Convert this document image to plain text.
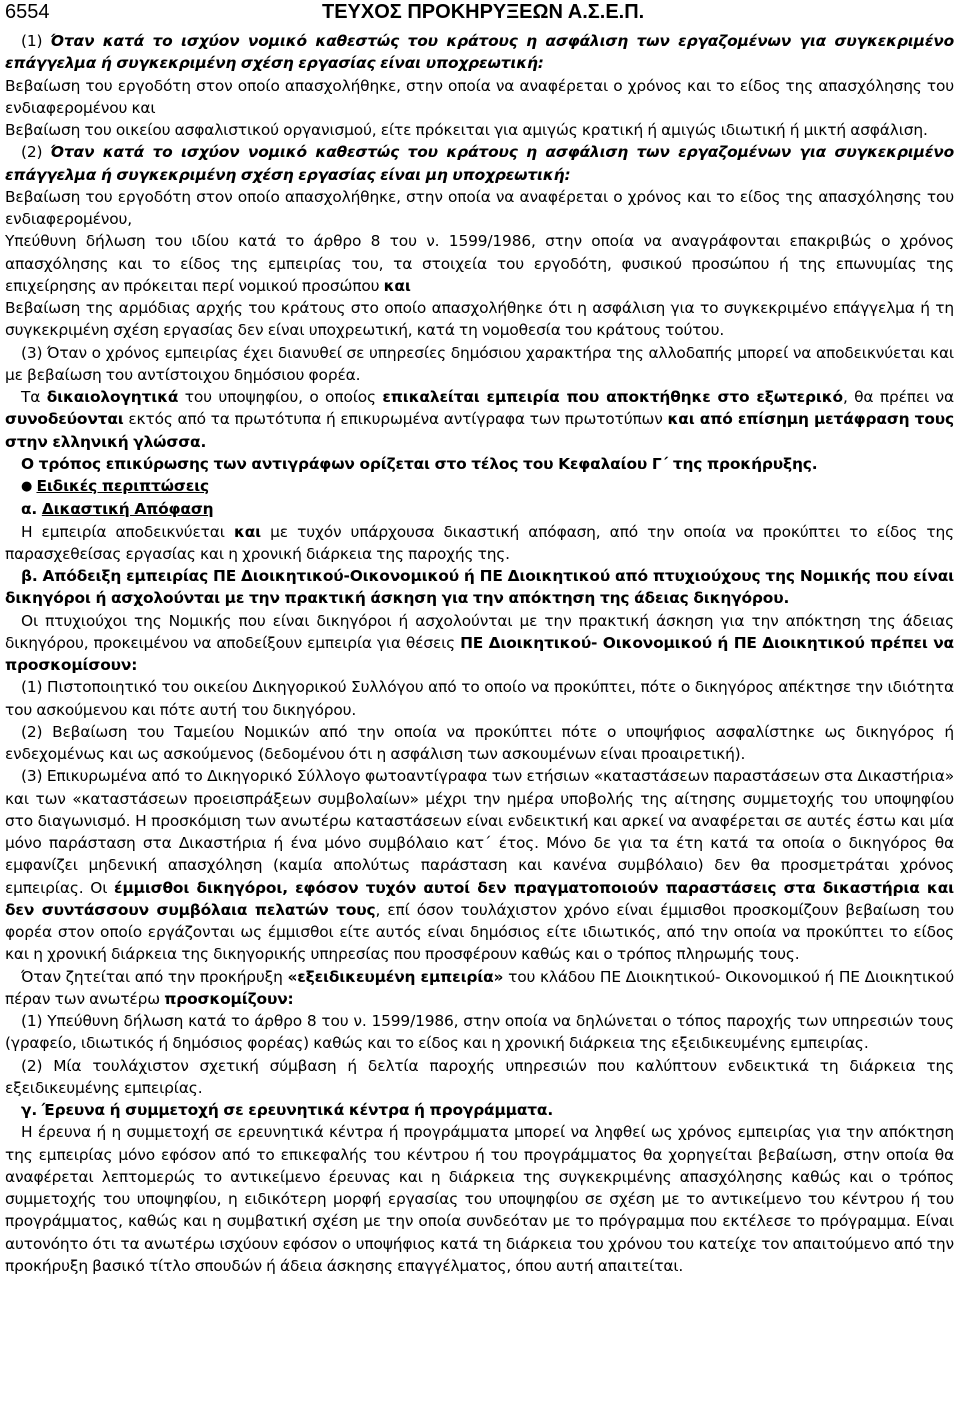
6554	ΤΕΥΧΟΣ ΠΡΟΚΗΡΥΞΕΩΝ Α.Σ.Ε.Π.

(1) Όταν κατά το ισχύον νομικό καθεστώς του κράτους η ασφάλιση των εργαζομένων για συγκεκριμένο επάγγελμα ή συγκεκριμένη σχέση εργασίας είναι υποχρεωτική:

Βεβαίωση του εργοδότη στον οποίο απασχολήθηκε, στην οποία να αναφέρεται ο χρόνος και το είδος της απασχόλησης του ενδιαφερομένου και

Βεβαίωση του οικείου ασφαλιστικού οργανισμού, είτε πρόκειται για αμιγώς κρατική ή αμιγώς ιδιωτική ή μικτή ασφάλιση.

(2) Όταν κατά το ισχύον νομικό καθεστώς του κράτους η ασφάλιση των εργαζομένων για συγκεκριμένο επάγγελμα ή συγκεκριμένη σχέση εργασίας είναι μη υποχρεωτική:

Βεβαίωση του εργοδότη στον οποίο απασχολήθηκε, στην οποία να αναφέρεται ο χρόνος και το είδος της απασχόλησης του ενδιαφερομένου,

Υπεύθυνη δήλωση του ιδίου κατά το άρθρο 8 του ν. 1599/1986, στην οποία να αναγράφονται επακριβώς ο χρόνος απασχόλησης και το είδος της εμπειρίας του, τα στοιχεία του εργοδότη, φυσικού προσώπου ή της επωνυμίας της επιχείρησης αν πρόκειται περί νομικού προσώπου και

Βεβαίωση της αρμόδιας αρχής του κράτους στο οποίο απασχολήθηκε ότι η ασφάλιση για το συγκεκριμένο επάγγελμα ή τη συγκεκριμένη σχέση εργασίας δεν είναι υποχρεωτική, κατά τη νομοθεσία του κράτους τούτου.

(3) Όταν ο χρόνος εμπειρίας έχει διανυθεί σε υπηρεσίες δημόσιου χαρακτήρα της αλλοδαπής μπορεί να αποδεικνύεται και με βεβαίωση του αντίστοιχου δημόσιου φορέα.

Τα δικαιολογητικά του υποψηφίου, ο οποίος επικαλείται εμπειρία που αποκτήθηκε στο εξωτερικό, θα πρέπει να συνοδεύονται εκτός από τα πρωτότυπα ή επικυρωμένα αντίγραφα των πρωτοτύπων και από επίσημη μετάφραση τους στην ελληνική γλώσσα.

Ο τρόπος επικύρωσης των αντιγράφων ορίζεται στο τέλος του Κεφαλαίου Γ΄ της προκήρυξης.

● Ειδικές περιπτώσεις

α. Δικαστική Απόφαση

Η εμπειρία αποδεικνύεται και με τυχόν υπάρχουσα δικαστική απόφαση, από την οποία να προκύπτει το είδος της παρασχεθείσας εργασίας και η χρονική διάρκεια της παροχής της.

β. Απόδειξη εμπειρίας ΠΕ Διοικητικού-Οικονομικού ή ΠΕ Διοικητικού από πτυχιούχους της Νομικής που είναι δικηγόροι ή ασχολούνται με την πρακτική άσκηση για την απόκτηση της άδειας δικηγόρου.

Οι πτυχιούχοι της Νομικής που είναι δικηγόροι ή ασχολούνται με την πρακτική άσκηση για την απόκτηση της άδειας δικηγόρου, προκειμένου να αποδείξουν εμπειρία για θέσεις ΠΕ Διοικητικού- Οικονομικού ή ΠΕ Διοικητικού πρέπει να προσκομίσουν:

(1) Πιστοποιητικό του οικείου Δικηγορικού Συλλόγου από το οποίο να προκύπτει, πότε ο δικηγόρος απέκτησε την ιδιότητα του ασκούμενου και πότε αυτή του δικηγόρου.

(2) Βεβαίωση του Ταμείου Νομικών από την οποία να προκύπτει πότε ο υποψήφιος ασφαλίστηκε ως δικηγόρος ή ενδεχομένως και ως ασκούμενος (δεδομένου ότι η ασφάλιση των ασκουμένων είναι προαιρετική).

(3) Επικυρωμένα από το Δικηγορικό Σύλλογο φωτοαντίγραφα των ετήσιων «καταστάσεων παραστάσεων στα Δικαστήρια» και των «καταστάσεων προεισπράξεων συμβολαίων» μέχρι την ημέρα υποβολής της αίτησης συμμετοχής του υποψηφίου στο διαγωνισμό. Η προσκόμιση των ανωτέρω καταστάσεων είναι ενδεικτική και αρκεί να αναφέρεται σε αυτές έστω και μία μόνο παράσταση στα Δικαστήρια ή ένα μόνο συμβόλαιο κατ΄ έτος. Μόνο δε για τα έτη κατά τα οποία ο δικηγόρος θα εμφανίζει μηδενική απασχόληση (καμία απολύτως παράσταση και κανένα συμβόλαιο) δεν θα προσμετράται χρόνος εμπειρίας. Οι έμμισθοι δικηγόροι, εφόσον τυχόν αυτοί δεν πραγματοποιούν παραστάσεις στα δικαστήρια και δεν συντάσσουν συμβόλαια πελατών τους, επί όσον τουλάχιστον χρόνο είναι έμμισθοι προσκομίζουν βεβαίωση του φορέα στον οποίο εργάζονται ως έμμισθοι είτε αυτός είναι δημόσιος είτε ιδιωτικός, από την οποία να προκύπτει το είδος και η χρονική διάρκεια της δικηγορικής υπηρεσίας που προσφέρουν καθώς και ο τρόπος πληρωμής τους.

Όταν ζητείται από την προκήρυξη «εξειδικευμένη εμπειρία» του κλάδου ΠΕ Διοικητικού- Οικονομικού ή ΠΕ Διοικητικού πέραν των ανωτέρω προσκομίζουν:

(1) Υπεύθυνη δήλωση κατά το άρθρο 8 του ν. 1599/1986, στην οποία να δηλώνεται ο τόπος παροχής των υπηρεσιών τους (γραφείο, ιδιωτικός ή δημόσιος φορέας) καθώς και το είδος και η χρονική διάρκεια της εξειδικευμένης εμπειρίας.

(2) Μία τουλάχιστον σχετική σύμβαση ή δελτία παροχής υπηρεσιών που καλύπτουν ενδεικτικά τη διάρκεια της εξειδικευμένης εμπειρίας.

γ. Έρευνα ή συμμετοχή σε ερευνητικά κέντρα ή προγράμματα.

Η έρευνα ή η συμμετοχή σε ερευνητικά κέντρα ή προγράμματα μπορεί να ληφθεί ως χρόνος εμπειρίας για την απόκτηση της εμπειρίας μόνο εφόσον από το επικεφαλής του κέντρου ή του προγράμματος θα χορηγείται βεβαίωση, στην οποία θα αναφέρεται λεπτομερώς το αντικείμενο έρευνας και η διάρκεια της συγκεκριμένης απασχόλησης καθώς και ο τρόπος συμμετοχής του υποψηφίου, η ειδικότερη μορφή εργασίας του υποψηφίου σε σχέση με το αντικείμενο του κέντρου ή του προγράμματος, καθώς και η συμβατική σχέση με την οποία συνδεόταν με το πρόγραμμα που εκτέλεσε το πρόγραμμα. Είναι αυτονόητο ότι τα ανωτέρω ισχύουν εφόσον ο υποψήφιος κατά τη διάρκεια του χρόνου του κατείχε τον απαιτούμενο από την προκήρυξη βασικό τίτλο σπουδών ή άδεια άσκησης επαγγέλματος, όπου αυτή απαιτείται.
